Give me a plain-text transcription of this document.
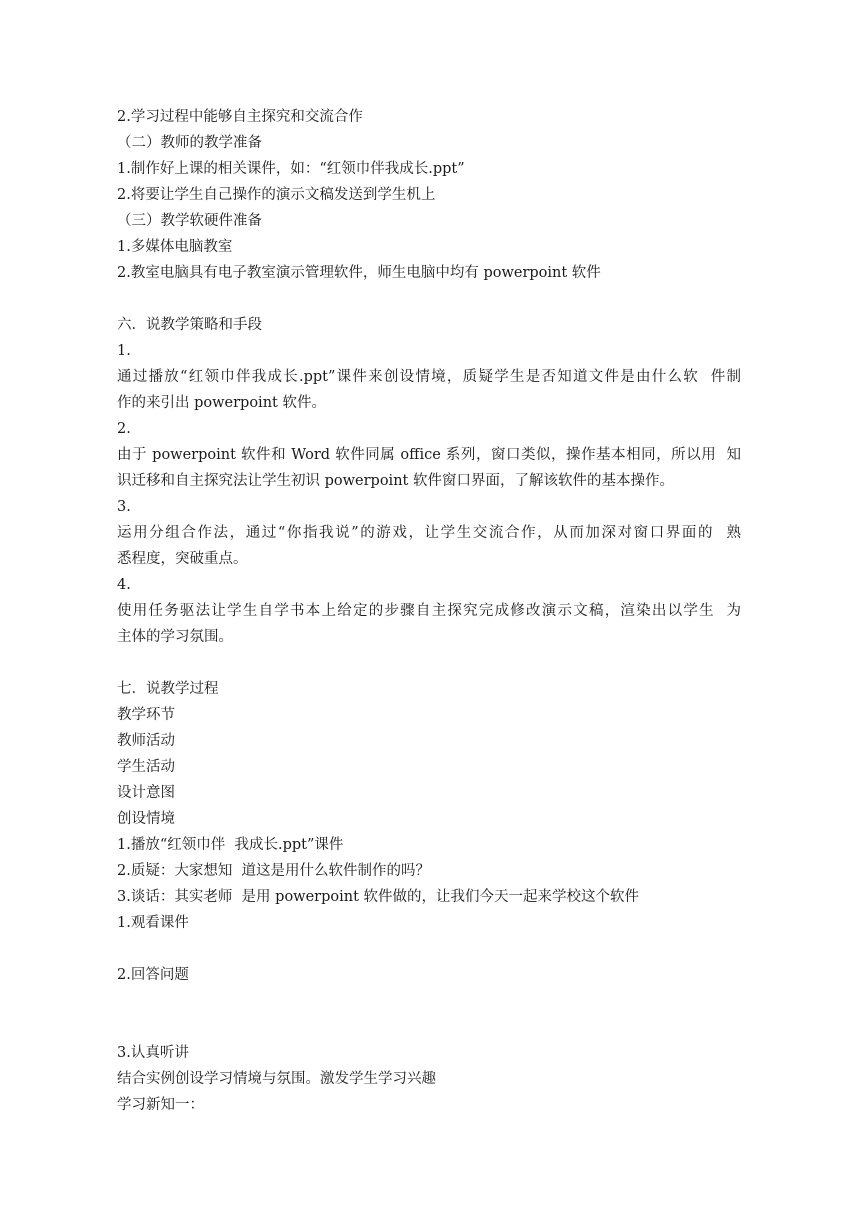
2.学习过程中能够自主探究和交流合作
（二）教师的教学准备
1.制作好上课的相关课件，如：“红领巾伴我成长.ppt”
2.将要让学生自己操作的演示文稿发送到学生机上
（三）教学软硬件准备
1.多媒体电脑教室
2.教室电脑具有电子教室演示管理软件，师生电脑中均有 powerpoint 软件
六．说教学策略和手段
1.
通过播放“红领巾伴我成长.ppt”课件来创设情境，质疑学生是否知道文件是由什么软  件制
作的来引出 powerpoint 软件。
2.
由于 powerpoint 软件和 Word 软件同属 office 系列，窗口类似，操作基本相同，所以用  知
识迁移和自主探究法让学生初识 powerpoint 软件窗口界面，了解该软件的基本操作。
3.
运用分组合作法，通过“你指我说”的游戏，让学生交流合作，从而加深对窗口界面的  熟
悉程度，突破重点。
4.
使用任务驱法让学生自学书本上给定的步骤自主探究完成修改演示文稿，渲染出以学生  为
主体的学习氛围。
七．说教学过程
教学环节
教师活动
学生活动
设计意图
创设情境
1.播放“红领巾伴  我成长.ppt”课件
2.质疑：大家想知  道这是用什么软件制作的吗？
3.谈话：其实老师  是用 powerpoint 软件做的，让我们今天一起来学校这个软件
1.观看课件
2.回答问题
3.认真听讲
结合实例创设学习情境与氛围。激发学生学习兴趣
学习新知一：
